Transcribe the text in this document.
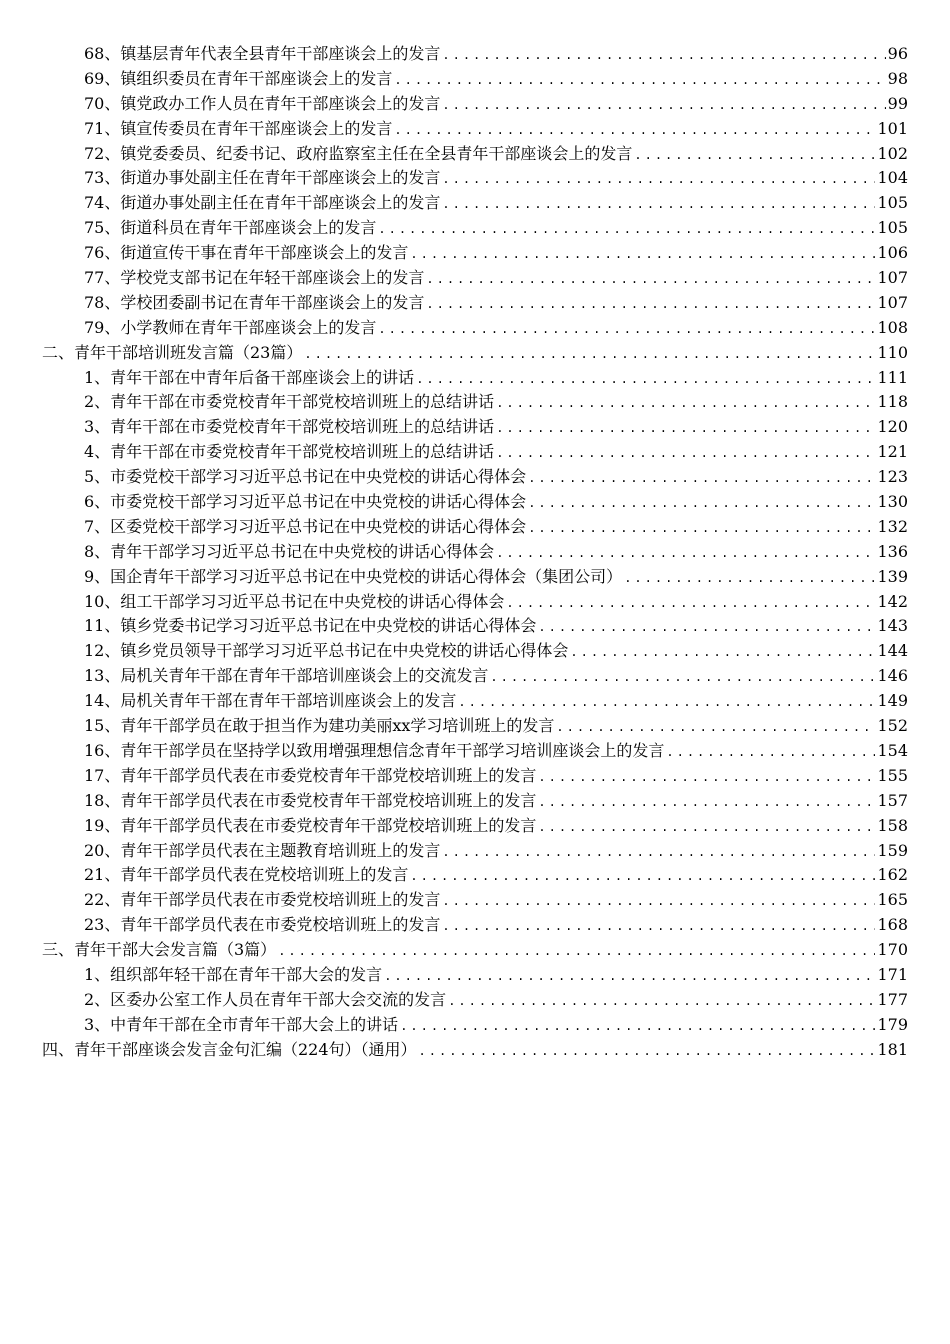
68、镇基层青年代表全县青年干部座谈会上的发言 .....	96
69、镇组织委员在青年干部座谈会上的发言 .....	98
70、镇党政办工作人员在青年干部座谈会上的发言 .....	99
71、镇宣传委员在青年干部座谈会上的发言 .....	101
72、镇党委委员、纪委书记、政府监察室主任在全县青年干部座谈会上的发言 .....	102
73、街道办事处副主任在青年干部座谈会上的发言 .....	104
74、街道办事处副主任在青年干部座谈会上的发言 .....	105
75、街道科员在青年干部座谈会上的发言 .....	105
76、街道宣传干事在青年干部座谈会上的发言 .....	106
77、学校党支部书记在年轻干部座谈会上的发言 .....	107
78、学校团委副书记在青年干部座谈会上的发言 .....	107
79、小学教师在青年干部座谈会上的发言 .....	108
二、青年干部培训班发言篇（23篇） .....	110
1、青年干部在中青年后备干部座谈会上的讲话 .....	111
2、青年干部在市委党校青年干部党校培训班上的总结讲话 .....	118
3、青年干部在市委党校青年干部党校培训班上的总结讲话 .....	120
4、青年干部在市委党校青年干部党校培训班上的总结讲话 .....	121
5、市委党校干部学习习近平总书记在中央党校的讲话心得体会 .....	123
6、市委党校干部学习习近平总书记在中央党校的讲话心得体会 .....	130
7、区委党校干部学习习近平总书记在中央党校的讲话心得体会 .....	132
8、青年干部学习习近平总书记在中央党校的讲话心得体会 .....	136
9、国企青年干部学习习近平总书记在中央党校的讲话心得体会（集团公司） .....	139
10、组工干部学习习近平总书记在中央党校的讲话心得体会 .....	142
11、镇乡党委书记学习习近平总书记在中央党校的讲话心得体会 .....	143
12、镇乡党员领导干部学习习近平总书记在中央党校的讲话心得体会 .....	144
13、局机关青年干部在青年干部培训座谈会上的交流发言 .....	146
14、局机关青年干部在青年干部培训座谈会上的发言 .....	149
15、青年干部学员在敢于担当作为建功美丽xx学习培训班上的发言 .....	152
16、青年干部学员在坚持学以致用增强理想信念青年干部学习培训座谈会上的发言 .....	154
17、青年干部学员代表在市委党校青年干部党校培训班上的发言 .....	155
18、青年干部学员代表在市委党校青年干部党校培训班上的发言 .....	157
19、青年干部学员代表在市委党校青年干部党校培训班上的发言 .....	158
20、青年干部学员代表在主题教育培训班上的发言 .....	159
21、青年干部学员代表在党校培训班上的发言 .....	162
22、青年干部学员代表在市委党校培训班上的发言 .....	165
23、青年干部学员代表在市委党校培训班上的发言 .....	168
三、青年干部大会发言篇（3篇） .....	170
1、组织部年轻干部在青年干部大会的发言 .....	171
2、区委办公室工作人员在青年干部大会交流的发言 .....	177
3、中青年干部在全市青年干部大会上的讲话 .....	179
四、青年干部座谈会发言金句汇编（224句）（通用） .....	181
